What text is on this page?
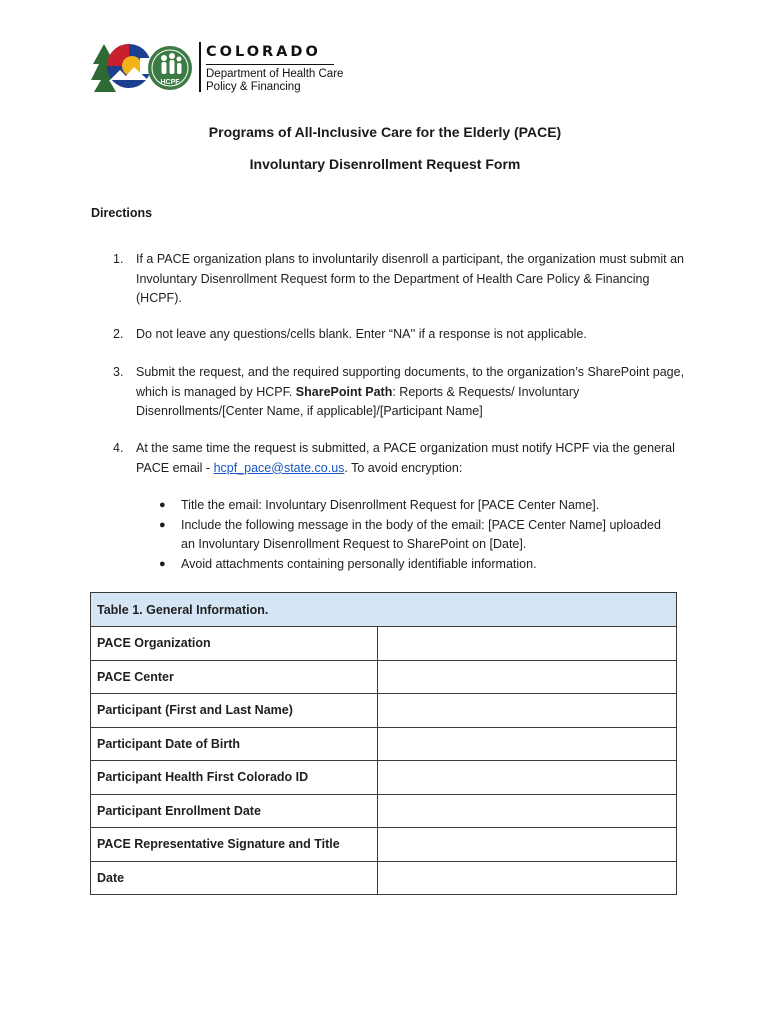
HCPF
COLORADO
Department of Health Care
Policy & Financing
Programs of All-Inclusive Care for the Elderly (PACE)
Involuntary Disenrollment Request Form
Directions
1. If a PACE organization plans to involuntarily disenroll a participant, the organization must submit an Involuntary Disenrollment Request form to the Department of Health Care Policy & Financing (HCPF).
2. Do not leave any questions/cells blank. Enter “NA'' if a response is not applicable.
3. Submit the request, and the required supporting documents, to the organization’s SharePoint page, which is managed by HCPF. SharePoint Path: Reports & Requests/ Involuntary Disenrollments/[Center Name, if applicable]/[Participant Name]
4. At the same time the request is submitted, a PACE organization must notify HCPF via the general PACE email - hcpf_pace@state.co.us. To avoid encryption:
● Title the email: Involuntary Disenrollment Request for [PACE Center Name].
● Include the following message in the body of the email: [PACE Center Name] uploaded an Involuntary Disenrollment Request to SharePoint on [Date].
● Avoid attachments containing personally identifiable information.
Table 1. General Information.	
PACE Organization	
PACE Center	
Participant (First and Last Name)	
Participant Date of Birth	
Participant Health First Colorado ID	
Participant Enrollment Date	
PACE Representative Signature and Title	
Date	
